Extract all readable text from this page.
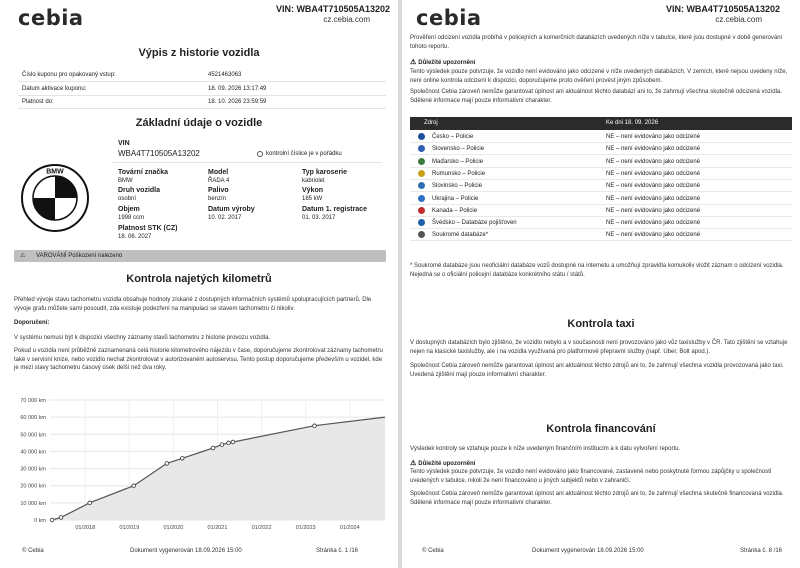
cebia	VIN: WBA4T710505A13202
cz.cebia.com
Výpis z historie vozidla
Číslo kuponu pro opakovaný vstup:	4521463063
Datum aktivace kuponu:	18. 09. 2026 13:17:49
Platnost do:	18. 10. 2026 23:59:59
Základní údaje o vozidle
VIN
WBA4T710505A13202	kontrolní číslice je v pořádku
BMW	Tovární značka
BMW
Model
ŘADA 4
Typ karoserie
kabriolet
Druh vozidla
osobní
Palivo
benzín
Výkon
185 kW
Objem
1998 ccm
Datum výroby
10. 02. 2017
Datum 1. registrace
01. 03. 2017
Platnost STK (CZ)
18. 06. 2027
⚠ VAROVÁNÍ Poškození nalezeno
Kontrola najetých kilometrů
Přehled vývoje stavu tachometru vozidla obsahuje hodnoty získané z dostupných informačních systémů spolupracujících partnerů. Dle vývoje grafu můžete sami posoudit, zda existuje podezření na manipulaci se stavem tachometru či nikoliv.
Doporučení:
V systému nemusí být k dispozici všechny záznamy stavů tachometru z historie provozu vozidla.
Pokud u vozidla není průběžně zaznamenaná celá historie kilometrového nájezdu v čase, doporučujeme zkontrolovat záznamy tachometru také v servisní knize, nebo vozidlo nechat zkontrolovat v autorizovaném autoservisu. Tento postup doporučujeme především u vozidel, kde je mezi stavy tachometru časový úsek delší než dva roky.
0 km
10 000 km
20 000 km
30 000 km
40 000 km
50 000 km
60 000 km
70 000 km
01/2018	01/2019	01/2020	01/2021	01/2022	01/2023	01/2024
© Cebia	Dokument vygenerován 18.09.2026 15:00	Stránka č. 1 /16
cebia	VIN: WBA4T710505A13202
cz.cebia.com
Prověření odcizení vozidla probíhá v policejních a komerčních databázích uvedených níže v tabulce, které jsou dostupné v době generování tohoto reportu.
⚠ Důležité upozornění
Tento výsledek pouze potvrzuje, že vozidlo není evidováno jako odcizené v níže uvedených databázích. V zemích, které nejsou uvedeny níže, není online kontrola odcizení k dispozici, doporučujeme proto ověření provést jiným způsobem.
Společnost Cebia zároveň nemůže garantovat úplnost ani aktuálnost těchto databází ani to, že zahrnují všechna skutečně odcizená vozidla. Sdělené informace mají pouze informativní charakter.
Zdroj	Ke dni 18. 09. 2026
Česko – Policie	NE – není evidováno jako odcizené
Slovensko – Policie	NE – není evidováno jako odcizené
Maďarsko – Policie	NE – není evidováno jako odcizené
Rumunsko – Policie	NE – není evidováno jako odcizené
Slovinsko – Policie	NE – není evidováno jako odcizené
Ukrajina – Policie	NE – není evidováno jako odcizené
Kanada – Policie	NE – není evidováno jako odcizené
Švédsko – Databáze pojišťoven	NE – není evidováno jako odcizené
Soukromé databáze*	NE – není evidováno jako odcizené
* Soukromé databáze jsou neoficiální databáze vozů dostupné na internetu a umožňují zpravidla komukoliv vložit záznam o odcizení vozidla. Nejedná se o oficiální policejní databáze konkrétního státu / států.
Kontrola taxi
V dostupných databázích bylo zjištěno, že vozidlo nebylo a v současnosti není provozováno jako vůz taxislužby v ČR. Tato zjištění se vztahuje nejen na klasické taxislužby, ale i na vozidla využívaná pro platformové přepravní služby (např. Uber, Bolt apod.).
Společnost Cebia zároveň nemůže garantovat úplnost ani aktuálnost těchto zdrojů ani to, že zahrnují všechna vozidla provozovaná jako taxi. Uvedená zjištění mají pouze informativní charakter.
Kontrola financování
Výsledek kontroly se vztahuje pouze k níže uvedeným finančním institucím a k datu vytvoření reportu.
⚠ Důležité upozornění
Tento výsledek pouze potvrzuje, že vozidlo není evidováno jako financované, zastavené nebo poskytnuté formou zápůjčky u společností uvedených v tabulce, nikoli že není financováno u jiných subjektů nebo v zahraničí.
Společnost Cebia zároveň nemůže garantovat úplnost ani aktuálnost těchto zdrojů ani to, že zahrnují všechna skutečně financovaná vozidla. Sdělené informace mají pouze informativní charakter.
© Cebia	Dokument vygenerován 18.09.2026 15:00	Stránka č. 8 /16
